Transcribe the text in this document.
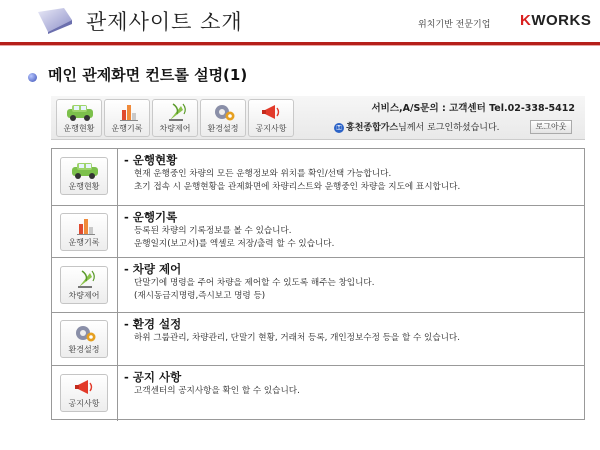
관제사이트 소개	위치기반 전문기업 KWORKS
메인 관제화면 컨트롤 설명(1)
운행현황	운행기록	차량제어	환경설정	공지사항
서비스,A/S문의 : 고객센터 Tel.02-338-5412
⚿ 홍천종합가스님께서 로그인하셨습니다.	로그아웃
운행현황
- 운행현황
현재 운행중인 차량의 모든 운행정보와 위치를 확인/선택 가능합니다.
초기 접속 시 운행현황을 관제화면에 차량리스트와 운행중인 차량을 지도에 표시합니다.
운행기록
- 운행기록
등록된 차량의 기록정보를 볼 수 있습니다.
운행일지(보고서)를 엑셀로 저장/출력 할 수 있습니다.
차량제어
- 차량 제어
단말기에 명령을 주어 차량을 제어할 수 있도록 해주는 창입니다.
(재시동금지명령,즉시보고 명령 등)
환경설정
- 환경 설정
하위 그룹관리, 차량관리, 단말기 현황, 거래처 등록, 개인정보수정 등을 할 수 있습니다.
공지사항
- 공지 사항
고객센터의 공지사항을 확인 할 수 있습니다.
